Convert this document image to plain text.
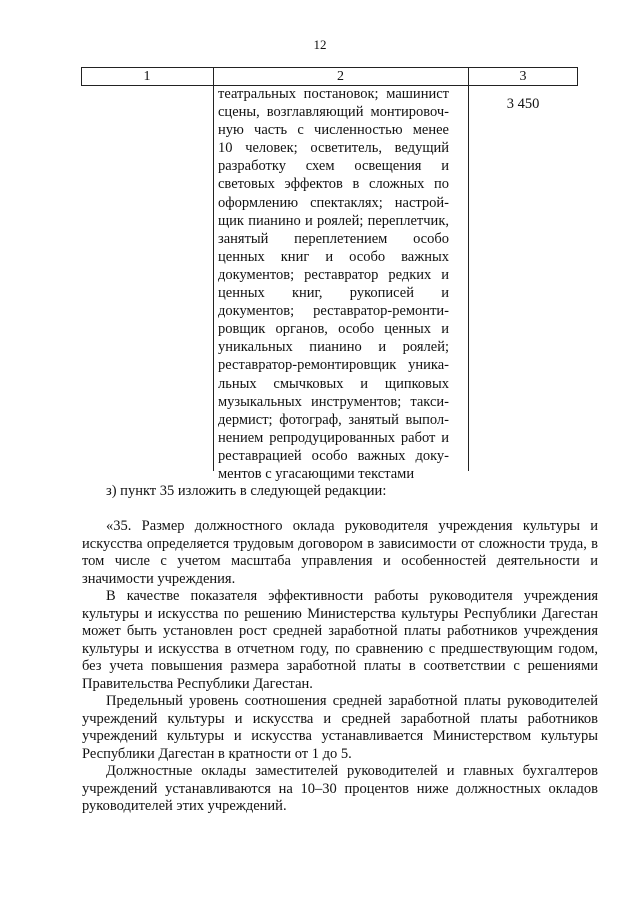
12
1	2	3
театральных постановок; машинист
сцены, возглавляющий монтировоч-
ную часть с численностью менее
10 человек; осветитель, ведущий
разработку схем освещения и
световых эффектов в сложных по
оформлению спектаклях; настрой-
щик пианино и роялей; переплетчик,
занятый переплетением особо
ценных книг и особо важных
документов; реставратор редких и
ценных книг, рукописей и
документов; реставратор-ремонти-
ровщик органов, особо ценных и
уникальных пианино и роялей;
реставратор-ремонтировщик уника-
льных смычковых и щипковых
музыкальных инструментов; такси-
дермист; фотограф, занятый выпол-
нением репродуцированных работ и
реставрацией особо важных доку-
ментов с угасающими текстами
3 450
з) пункт 35 изложить в следующей редакции:

«35. Размер должностного оклада руководителя учреждения культуры и искусства определяется трудовым договором в зависимости от сложности труда, в том числе с учетом масштаба управления и особенностей деятельности и значимости учреждения.

В качестве показателя эффективности работы руководителя учреждения культуры и искусства по решению Министерства культуры Республики Дагестан может быть установлен рост средней заработной платы работников учреждения культуры и искусства в отчетном году, по сравнению с предшествующим годом, без учета повышения размера заработной платы в соответствии с решениями Правительства Республики Дагестан.

Предельный уровень соотношения средней заработной платы руководителей учреждений культуры и искусства и средней заработной платы работников учреждений культуры и искусства устанавливается Министерством культуры Республики Дагестан в кратности от 1 до 5.

Должностные оклады заместителей руководителей и главных бухгалтеров учреждений устанавливаются на 10–30 процентов ниже должностных окладов руководителей этих учреждений.
